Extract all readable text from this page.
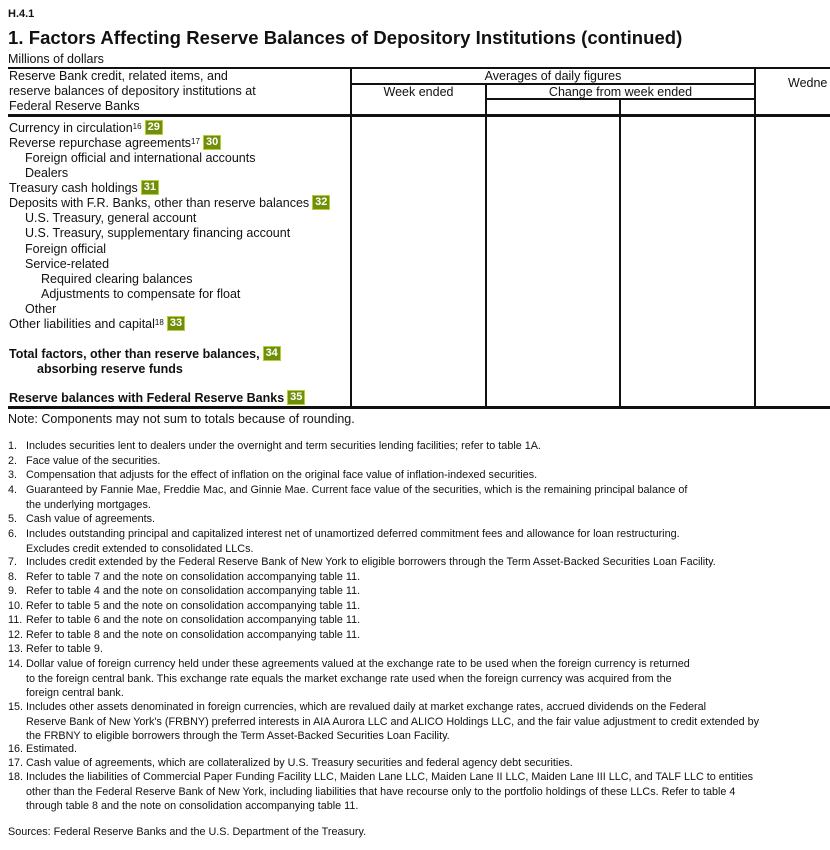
H.4.1
1. Factors Affecting Reserve Balances of Depository Institutions (continued)
Millions of dollars
Reserve Bank credit, related items, and
reserve balances of depository institutions at
Federal Reserve Banks
Averages of daily figures
Week ended	Change from week ended
Wedne
Currency in circulation$^{16}$ 29
Reverse repurchase agreements$^{17}$ 30
Foreign official and international accounts
Dealers
Treasury cash holdings 31
Deposits with F.R. Banks, other than reserve balances 32
U.S. Treasury, general account
U.S. Treasury, supplementary financing account
Foreign official
Service-related
Required clearing balances
Adjustments to compensate for float
Other
Other liabilities and capital$^{18}$ 33
Total factors, other than reserve balances, 34
absorbing reserve funds
Reserve balances with Federal Reserve Banks 35
Note: Components may not sum to totals because of rounding.
1. Includes securities lent to dealers under the overnight and term securities lending facilities; refer to table 1A.
2. Face value of the securities.
3. Compensation that adjusts for the effect of inflation on the original face value of inflation-indexed securities.
4. Guaranteed by Fannie Mae, Freddie Mac, and Ginnie Mae. Current face value of the securities, which is the remaining principal balance of
the underlying mortgages.
5. Cash value of agreements.
6. Includes outstanding principal and capitalized interest net of unamortized deferred commitment fees and allowance for loan restructuring.
Excludes credit extended to consolidated LLCs.
7. Includes credit extended by the Federal Reserve Bank of New York to eligible borrowers through the Term Asset-Backed Securities Loan Facility.
8. Refer to table 7 and the note on consolidation accompanying table 11.
9. Refer to table 4 and the note on consolidation accompanying table 11.
10. Refer to table 5 and the note on consolidation accompanying table 11.
11. Refer to table 6 and the note on consolidation accompanying table 11.
12. Refer to table 8 and the note on consolidation accompanying table 11.
13. Refer to table 9.
14. Dollar value of foreign currency held under these agreements valued at the exchange rate to be used when the foreign currency is returned
to the foreign central bank. This exchange rate equals the market exchange rate used when the foreign currency was acquired from the
foreign central bank.
15. Includes other assets denominated in foreign currencies, which are revalued daily at market exchange rates, accrued dividends on the Federal
Reserve Bank of New York's (FRBNY) preferred interests in AIA Aurora LLC and ALICO Holdings LLC, and the fair value adjustment to credit extended by
the FRBNY to eligible borrowers through the Term Asset-Backed Securities Loan Facility.
16. Estimated.
17. Cash value of agreements, which are collateralized by U.S. Treasury securities and federal agency debt securities.
18. Includes the liabilities of Commercial Paper Funding Facility LLC, Maiden Lane LLC, Maiden Lane II LLC, Maiden Lane III LLC, and TALF LLC to entities
other than the Federal Reserve Bank of New York, including liabilities that have recourse only to the portfolio holdings of these LLCs. Refer to table 4
through table 8 and the note on consolidation accompanying table 11.
Sources: Federal Reserve Banks and the U.S. Department of the Treasury.
